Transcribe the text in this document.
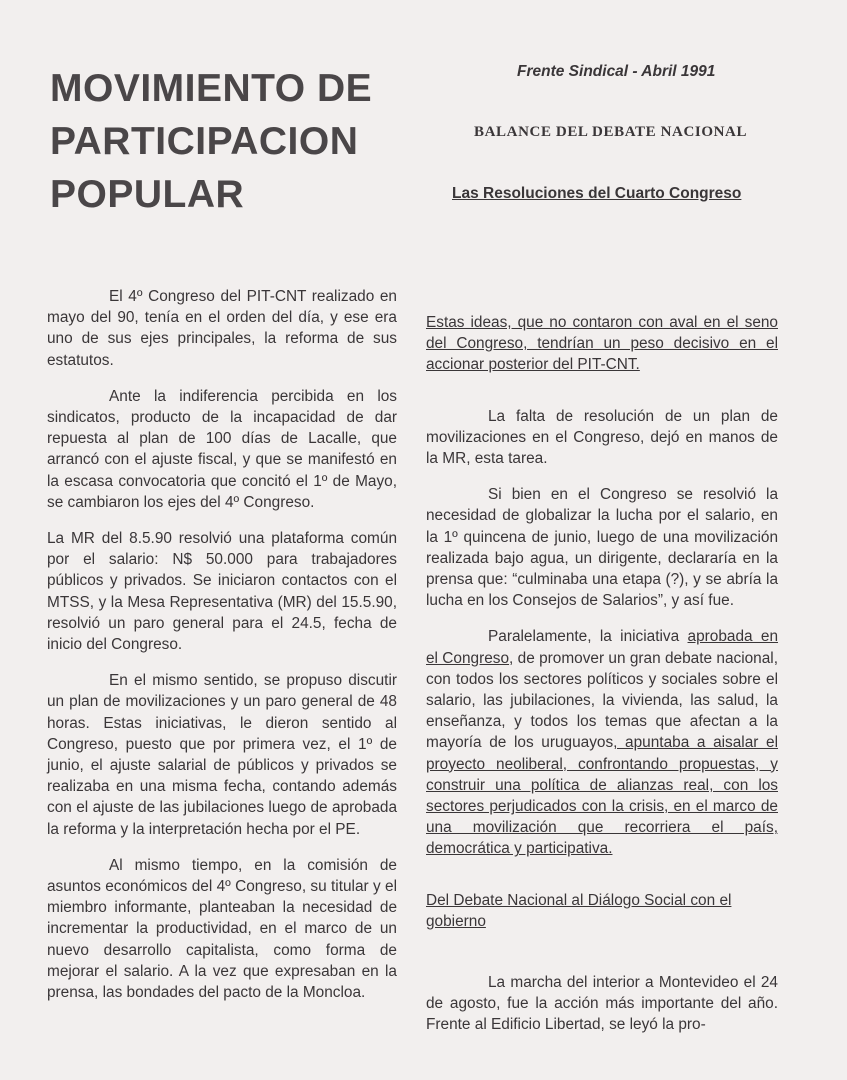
MOVIMIENTO DE
PARTICIPACION
POPULAR
Frente Sindical - Abril 1991
BALANCE DEL DEBATE NACIONAL
Las Resoluciones del Cuarto Congreso

El 4º Congreso del PIT-CNT realizado en mayo del 90, tenía en el orden del día, y ese era uno de sus ejes principales, la reforma de sus estatutos.

Ante la indiferencia percibida en los sindicatos, producto de la incapacidad de dar repuesta al plan de 100 días de Lacalle, que arrancó con el ajuste fiscal, y que se manifestó en la escasa convocatoria que concitó el 1º de Mayo, se cambiaron los ejes del 4º Congreso.

La MR del 8.5.90 resolvió una plataforma común por el salario: N$ 50.000 para trabajadores públicos y privados. Se iniciaron contactos con el MTSS, y la Mesa Representativa (MR) del 15.5.90, resolvió un paro general para el 24.5, fecha de inicio del Congreso.

En el mismo sentido, se propuso discutir un plan de movilizaciones y un paro general de 48 horas. Estas iniciativas, le dieron sentido al Congreso, puesto que por primera vez, el 1º de junio, el ajuste salarial de públicos y privados se realizaba en una misma fecha, contando además con el ajuste de las jubilaciones luego de aprobada la reforma y la interpretación hecha por el PE.

Al mismo tiempo, en la comisión de asuntos económicos del 4º Congreso, su titular y el miembro informante, planteaban la necesidad de incrementar la productividad, en el marco de un nuevo desarrollo capitalista, como forma de mejorar el salario. A la vez que expresaban en la prensa, las bondades del pacto de la Moncloa.

Estas ideas, que no contaron con aval en el seno del Congreso, tendrían un peso decisivo en el accionar posterior del PIT-CNT.

La falta de resolución de un plan de movilizaciones en el Congreso, dejó en manos de la MR, esta tarea.

Si bien en el Congreso se resolvió la necesidad de globalizar la lucha por el salario, en la 1º quincena de junio, luego de una movilización realizada bajo agua, un dirigente, declararía en la prensa que: “culminaba una etapa (?), y se abría la lucha en los Consejos de Salarios”, y así fue.

Paralelamente, la iniciativa aprobada en el Congreso, de promover un gran debate nacional, con todos los sectores políticos y sociales sobre el salario, las jubilaciones, la vivienda, las salud, la enseñanza, y todos los temas que afectan a la mayoría de los uruguayos, apuntaba a aisalar el proyecto neoliberal, confrontando propuestas, y construir una política de alianzas real, con los sectores perjudicados con la crisis, en el marco de una movilización que recorriera el país, democrática y participativa.

Del Debate Nacional al Diálogo Social con el gobierno

La marcha del interior a Montevideo el 24 de agosto, fue la acción más importante del año. Frente al Edificio Libertad, se leyó la pro-
